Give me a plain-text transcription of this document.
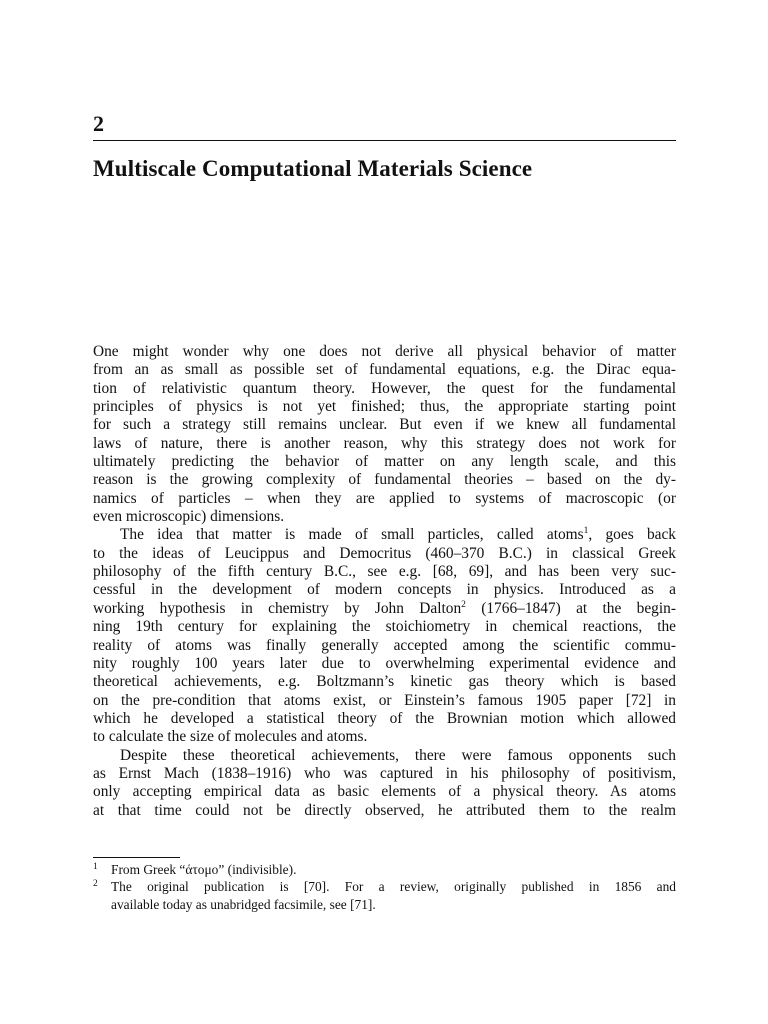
2
Multiscale Computational Materials Science
One might wonder why one does not derive all physical behavior of matter
from an as small as possible set of fundamental equations, e.g. the Dirac equa-
tion of relativistic quantum theory. However, the quest for the fundamental
principles of physics is not yet finished; thus, the appropriate starting point
for such a strategy still remains unclear. But even if we knew all fundamental
laws of nature, there is another reason, why this strategy does not work for
ultimately predicting the behavior of matter on any length scale, and this
reason is the growing complexity of fundamental theories – based on the dy-
namics of particles – when they are applied to systems of macroscopic (or
even microscopic) dimensions.
The idea that matter is made of small particles, called atoms$^1$, goes back
to the ideas of Leucippus and Democritus (460–370 B.C.) in classical Greek
philosophy of the fifth century B.C., see e.g. [68, 69], and has been very suc-
cessful in the development of modern concepts in physics. Introduced as a
working hypothesis in chemistry by John Dalton$^2$ (1766–1847) at the begin-
ning 19th century for explaining the stoichiometry in chemical reactions, the
reality of atoms was finally generally accepted among the scientific commu-
nity roughly 100 years later due to overwhelming experimental evidence and
theoretical achievements, e.g. Boltzmann’s kinetic gas theory which is based
on the pre-condition that atoms exist, or Einstein’s famous 1905 paper [72] in
which he developed a statistical theory of the Brownian motion which allowed
to calculate the size of molecules and atoms.
Despite these theoretical achievements, there were famous opponents such
as Ernst Mach (1838–1916) who was captured in his philosophy of positivism,
only accepting empirical data as basic elements of a physical theory. As atoms
at that time could not be directly observed, he attributed them to the realm
1 From Greek “άτομο” (indivisible).
2 The original publication is [70]. For a review, originally published in 1856 and
available today as unabridged facsimile, see [71].
